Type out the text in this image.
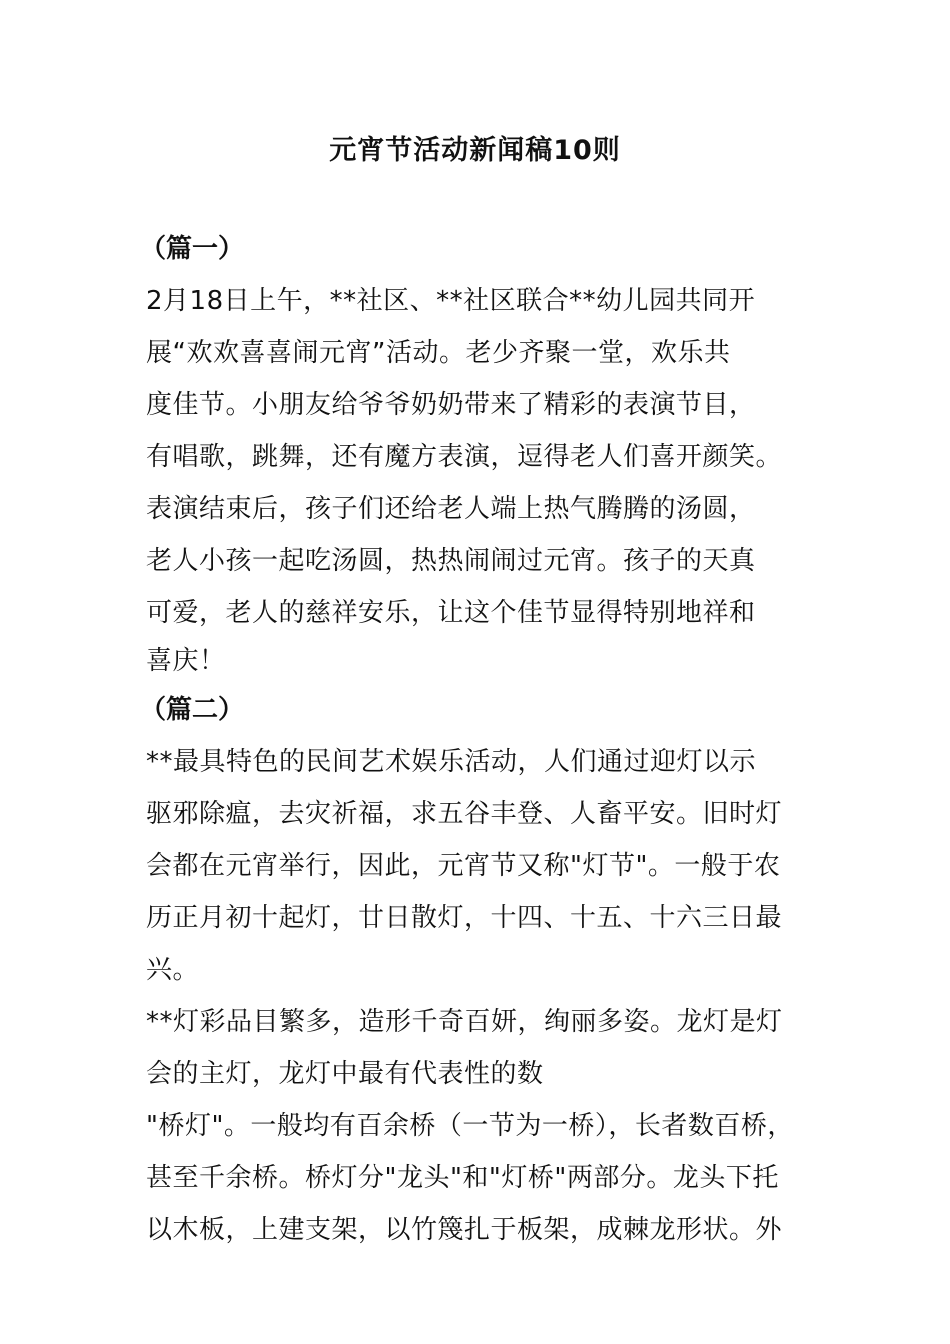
元宵节活动新闻稿10则
（篇一）
2月18日上午，**社区、**社区联合**幼儿园共同开
展“欢欢喜喜闹元宵”活动。老少齐聚一堂，欢乐共
度佳节。小朋友给爷爷奶奶带来了精彩的表演节目，
有唱歌，跳舞，还有魔方表演，逗得老人们喜开颜笑。
表演结束后，孩子们还给老人端上热气腾腾的汤圆，
老人小孩一起吃汤圆，热热闹闹过元宵。孩子的天真
可爱，老人的慈祥安乐，让这个佳节显得特别地祥和
喜庆！
（篇二）
**最具特色的民间艺术娱乐活动，人们通过迎灯以示
驱邪除瘟，去灾祈福，求五谷丰登、人畜平安。旧时灯
会都在元宵举行，因此，元宵节又称"灯节"。一般于农
历正月初十起灯，廿日散灯，十四、十五、十六三日最
兴。
**灯彩品目繁多，造形千奇百妍，绚丽多姿。龙灯是灯
会的主灯，龙灯中最有代表性的数
"桥灯"。一般均有百余桥（一节为一桥），长者数百桥，
甚至千余桥。桥灯分"龙头"和"灯桥"两部分。龙头下托
以木板，上建支架，以竹篾扎于板架，成棘龙形状。外
